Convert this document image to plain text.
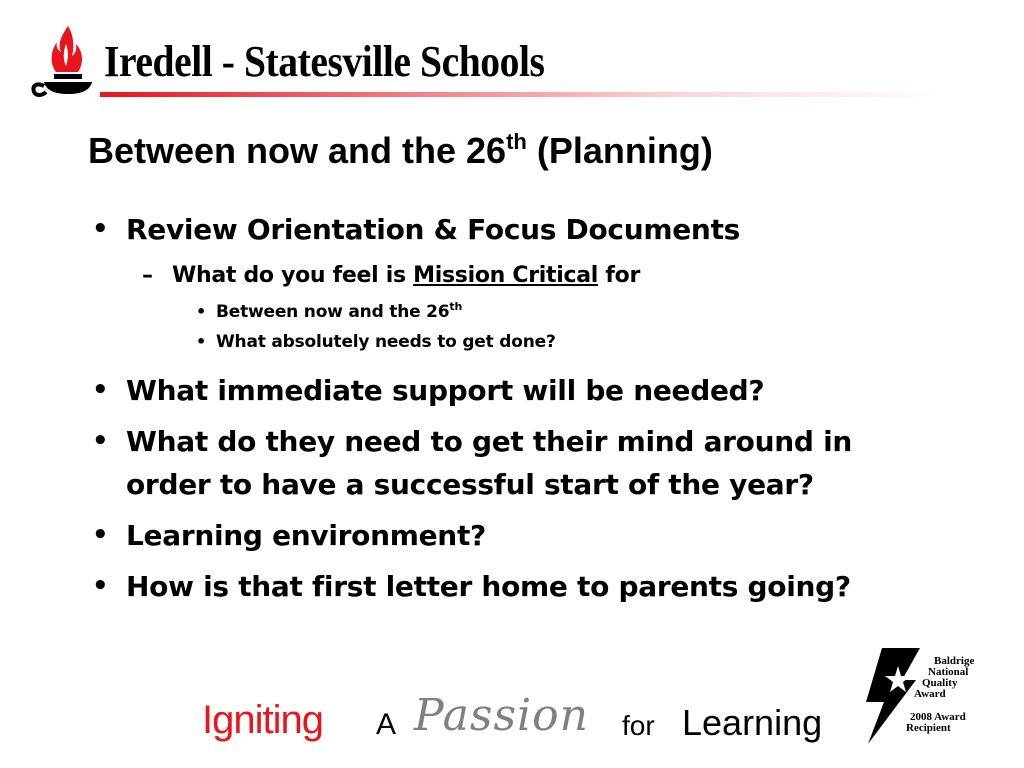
Iredell - Statesville Schools
Between now and the 26th (Planning)
• Review Orientation & Focus Documents
– What do you feel is Mission Critical for
• Between now and the 26th
• What absolutely needs to get done?
• What immediate support will be needed?
• What do they need to get their mind around in
order to have a successful start of the year?
• Learning environment?
• How is that first letter home to parents going?
Igniting A Passion for Learning
Baldrige
National
Quality
Award
2008 Award
Recipient
